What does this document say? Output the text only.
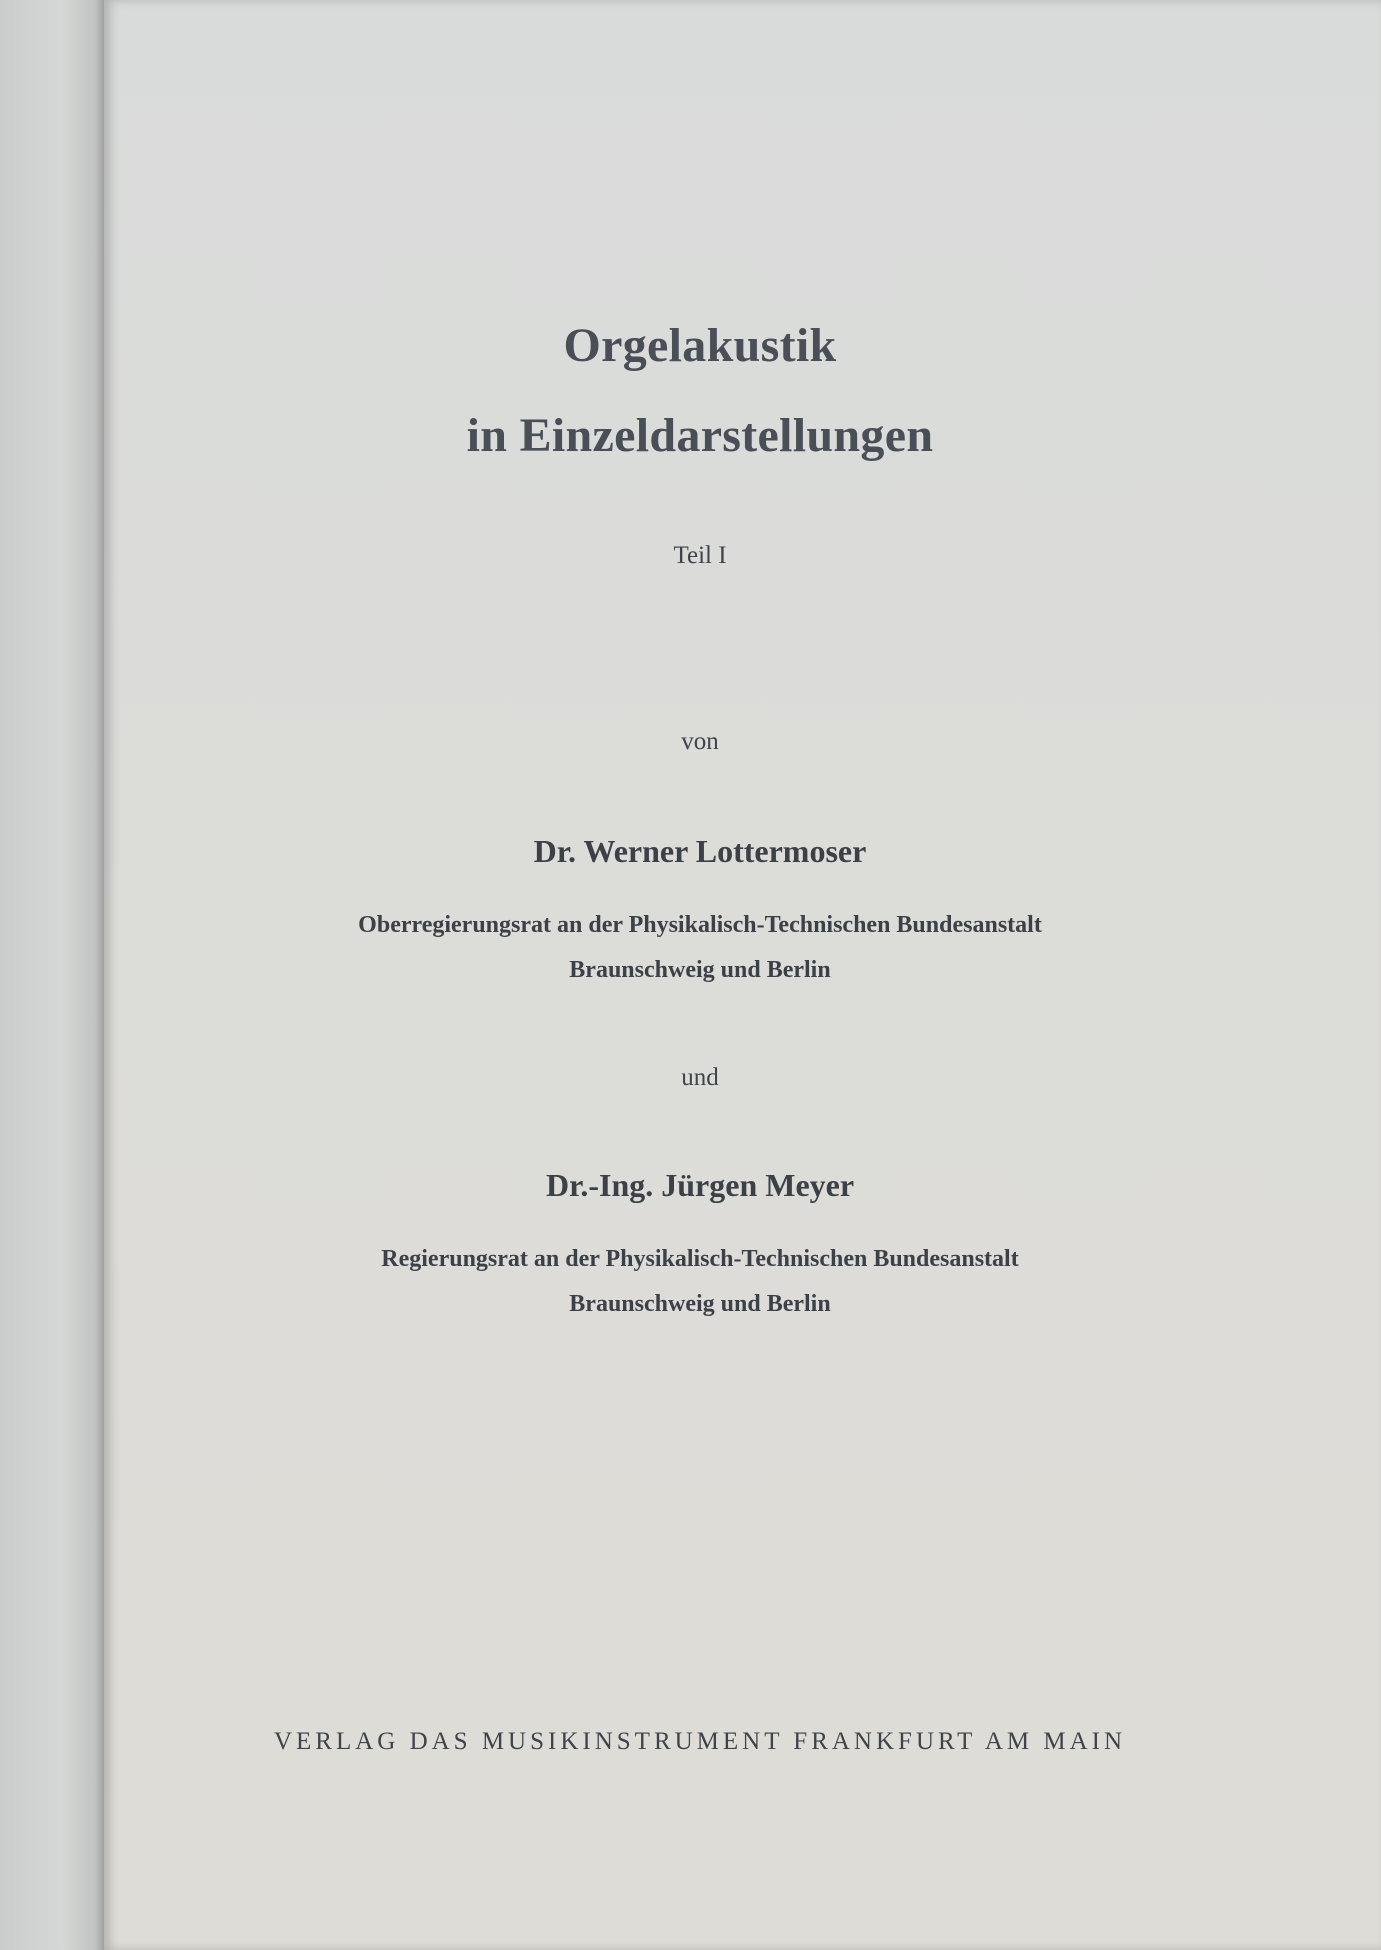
Orgelakustik
in Einzeldarstellungen
Teil I
von
Dr. Werner Lottermoser
Oberregierungsrat an der Physikalisch-Technischen Bundesanstalt
Braunschweig und Berlin
und
Dr.-Ing. Jürgen Meyer
Regierungsrat an der Physikalisch-Technischen Bundesanstalt
Braunschweig und Berlin
VERLAG DAS MUSIKINSTRUMENT FRANKFURT AM MAIN
